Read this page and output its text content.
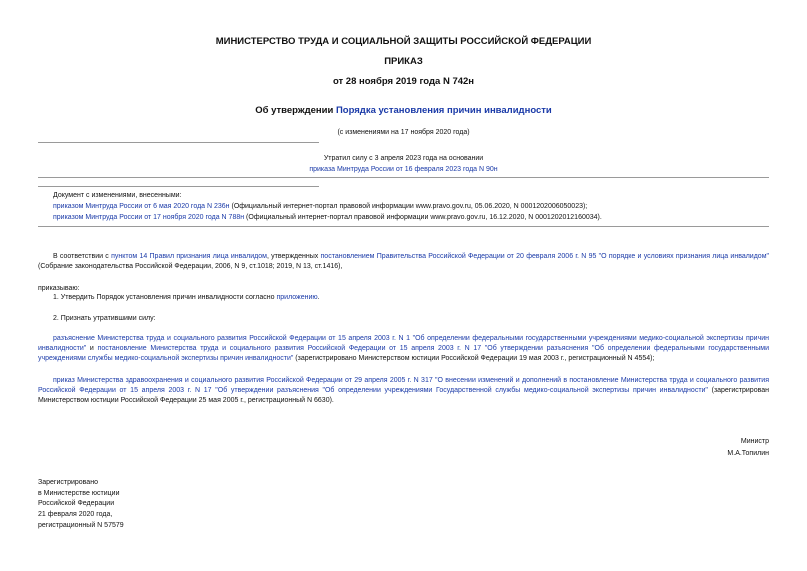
МИНИСТЕРСТВО ТРУДА И СОЦИАЛЬНОЙ ЗАЩИТЫ РОССИЙСКОЙ ФЕДЕРАЦИИ
ПРИКАЗ
от 28 ноября 2019 года N 742н
Об утверждении Порядка установления причин инвалидности
(с изменениями на 17 ноября 2020 года)
Утратил силу с 3 апреля 2023 года на основании
приказа Минтруда России от 16 февраля 2023 года N 90н
Документ с изменениями, внесенными:
приказом Минтруда России от 6 мая 2020 года N 236н (Официальный интернет-портал правовой информации www.pravo.gov.ru, 05.06.2020, N 0001202006050023);
приказом Минтруда России от 17 ноября 2020 года N 788н (Официальный интернет-портал правовой информации www.pravo.gov.ru, 16.12.2020, N 0001202012160034).
В соответствии с пунктом 14 Правил признания лица инвалидом, утвержденных постановлением Правительства Российской Федерации от 20 февраля 2006 г. N 95 "О порядке и условиях признания лица инвалидом" (Собрание законодательства Российской Федерации, 2006, N 9, ст.1018; 2019, N 13, ст.1416),
приказываю:
1. Утвердить Порядок установления причин инвалидности согласно приложению.
2. Признать утратившими силу:
разъяснение Министерства труда и социального развития Российской Федерации от 15 апреля 2003 г. N 1 "Об определении федеральными государственными учреждениями медико-социальной экспертизы причин инвалидности" и постановление Министерства труда и социального развития Российской Федерации от 15 апреля 2003 г. N 17 "Об утверждении разъяснения "Об определении федеральными государственными учреждениями службы медико-социальной экспертизы причин инвалидности" (зарегистрировано Министерством юстиции Российской Федерации 19 мая 2003 г., регистрационный N 4554);
приказ Министерства здравоохранения и социального развития Российской Федерации от 29 апреля 2005 г. N 317 "О внесении изменений и дополнений в постановление Министерства труда и социального развития Российской Федерации от 15 апреля 2003 г. N 17 "Об утверждении разъяснения "Об определении учреждениями Государственной службы медико-социальной экспертизы причин инвалидности" (зарегистрирован Министерством юстиции Российской Федерации 25 мая 2005 г., регистрационный N 6630).
Министр
М.А.Топилин
Зарегистрировано
в Министерстве юстиции
Российской Федерации
21 февраля 2020 года,
регистрационный N 57579
